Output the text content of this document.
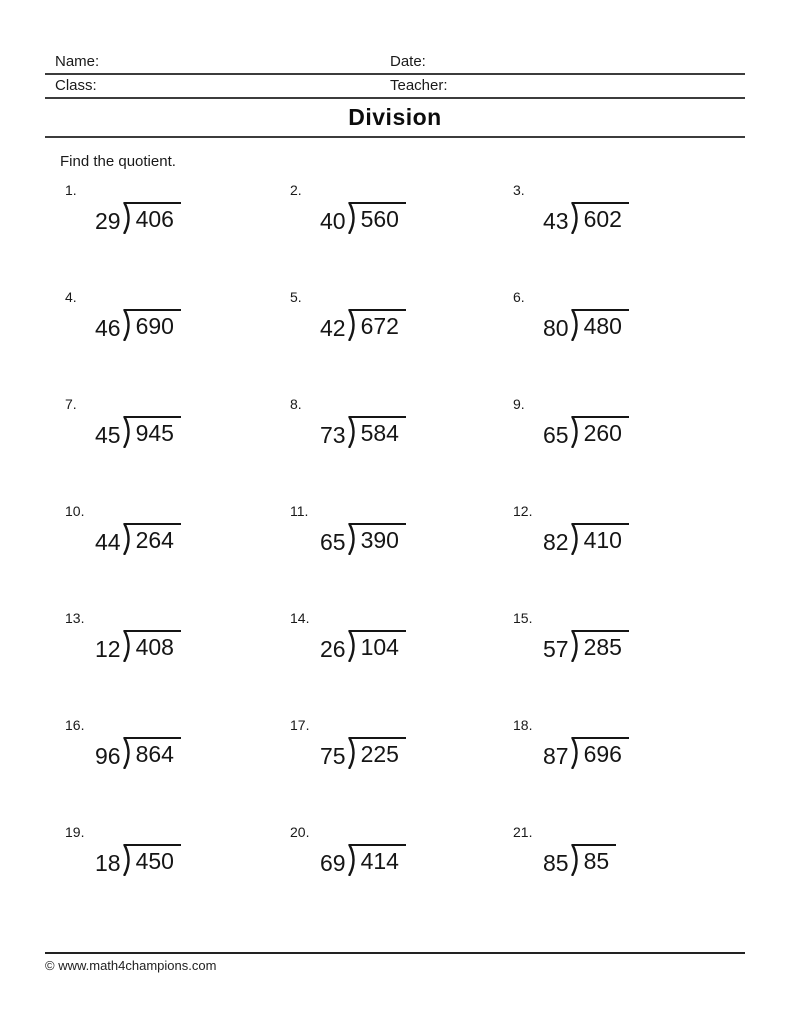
Name:	Date:
Class:	Teacher:
Division
Find the quotient.
1.
29 406
2.
40 560
3.
43 602
4.
46 690
5.
42 672
6.
80 480
7.
45 945
8.
73 584
9.
65 260
10.
44 264
11.
65 390
12.
82 410
13.
12 408
14.
26 104
15.
57 285
16.
96 864
17.
75 225
18.
87 696
19.
18 450
20.
69 414
21.
85 85
© www.math4champions.com
